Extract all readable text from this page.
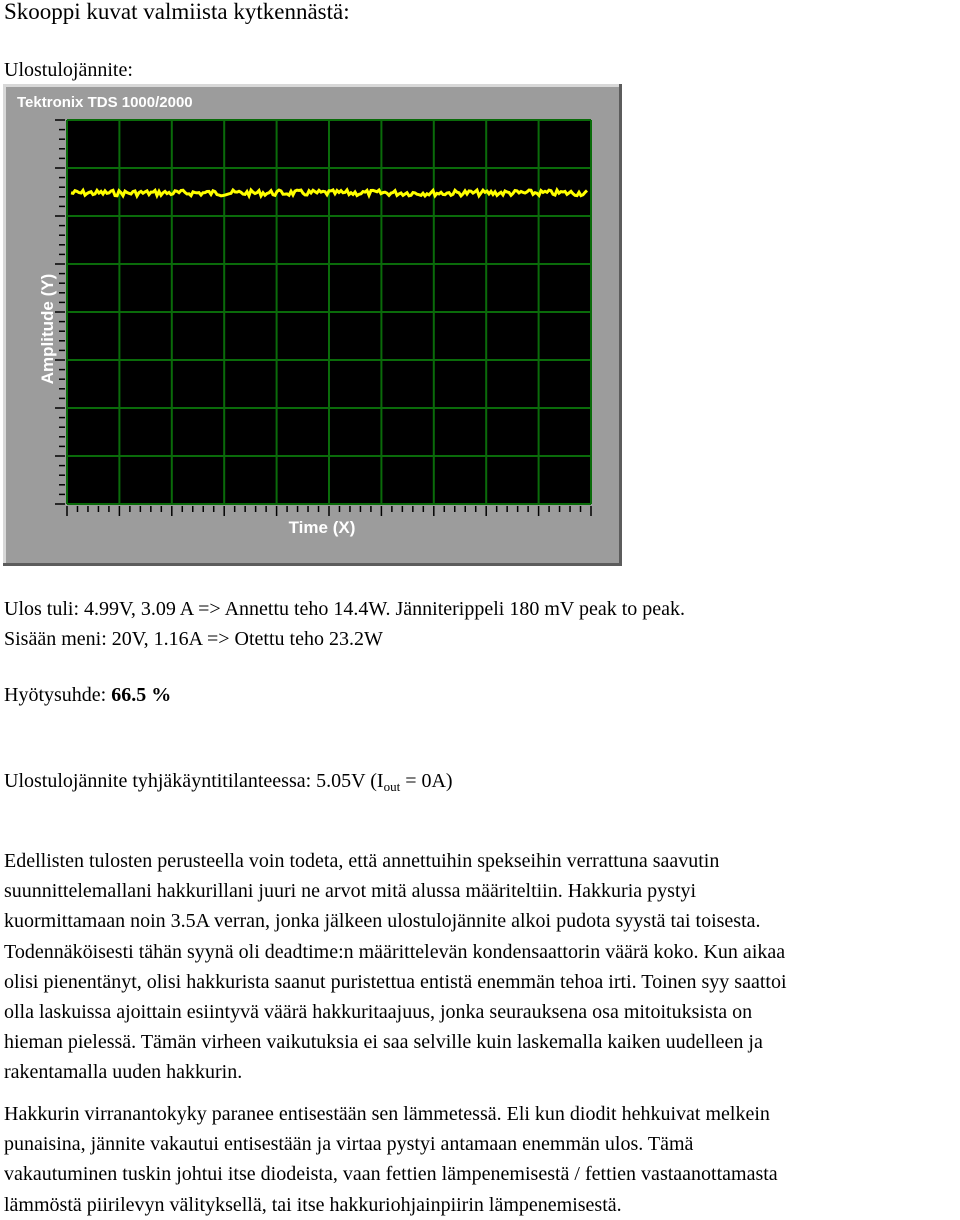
Skooppi kuvat valmiista kytkennästä:
Ulostulojännite:
Tektronix TDS 1000/2000
Amplitude (Y)
Time (X)
Ulos tuli: 4.99V, 3.09 A => Annettu teho 14.4W. Jänniterippeli 180 mV peak to peak.
Sisään meni: 20V, 1.16A => Otettu teho 23.2W
Hyötysuhde: 66.5 %
Ulostulojännite tyhjäkäyntitilanteessa: 5.05V $(I_{out} = 0A)$
Edellisten tulosten perusteella voin todeta, että annettuihin spekseihin verrattuna saavutin
suunnittelemallani hakkurillani juuri ne arvot mitä alussa määriteltiin. Hakkuria pystyi
kuormittamaan noin 3.5A verran, jonka jälkeen ulostulojännite alkoi pudota syystä tai toisesta.
Todennäköisesti tähän syynä oli deadtime:n määrittelevän kondensaattorin väärä koko. Kun aikaa
olisi pienentänyt, olisi hakkurista saanut puristettua entistä enemmän tehoa irti. Toinen syy saattoi
olla laskuissa ajoittain esiintyvä väärä hakkuritaajuus, jonka seurauksena osa mitoituksista on
hieman pielessä. Tämän virheen vaikutuksia ei saa selville kuin laskemalla kaiken uudelleen ja
rakentamalla uuden hakkurin.
Hakkurin virranantokyky paranee entisestään sen lämmetessä. Eli kun diodit hehkuivat melkein
punaisina, jännite vakautui entisestään ja virtaa pystyi antamaan enemmän ulos. Tämä
vakautuminen tuskin johtui itse diodeista, vaan fettien lämpenemisestä / fettien vastaanottamasta
lämmöstä piirilevyn välityksellä, tai itse hakkuriohjainpiirin lämpenemisestä.
